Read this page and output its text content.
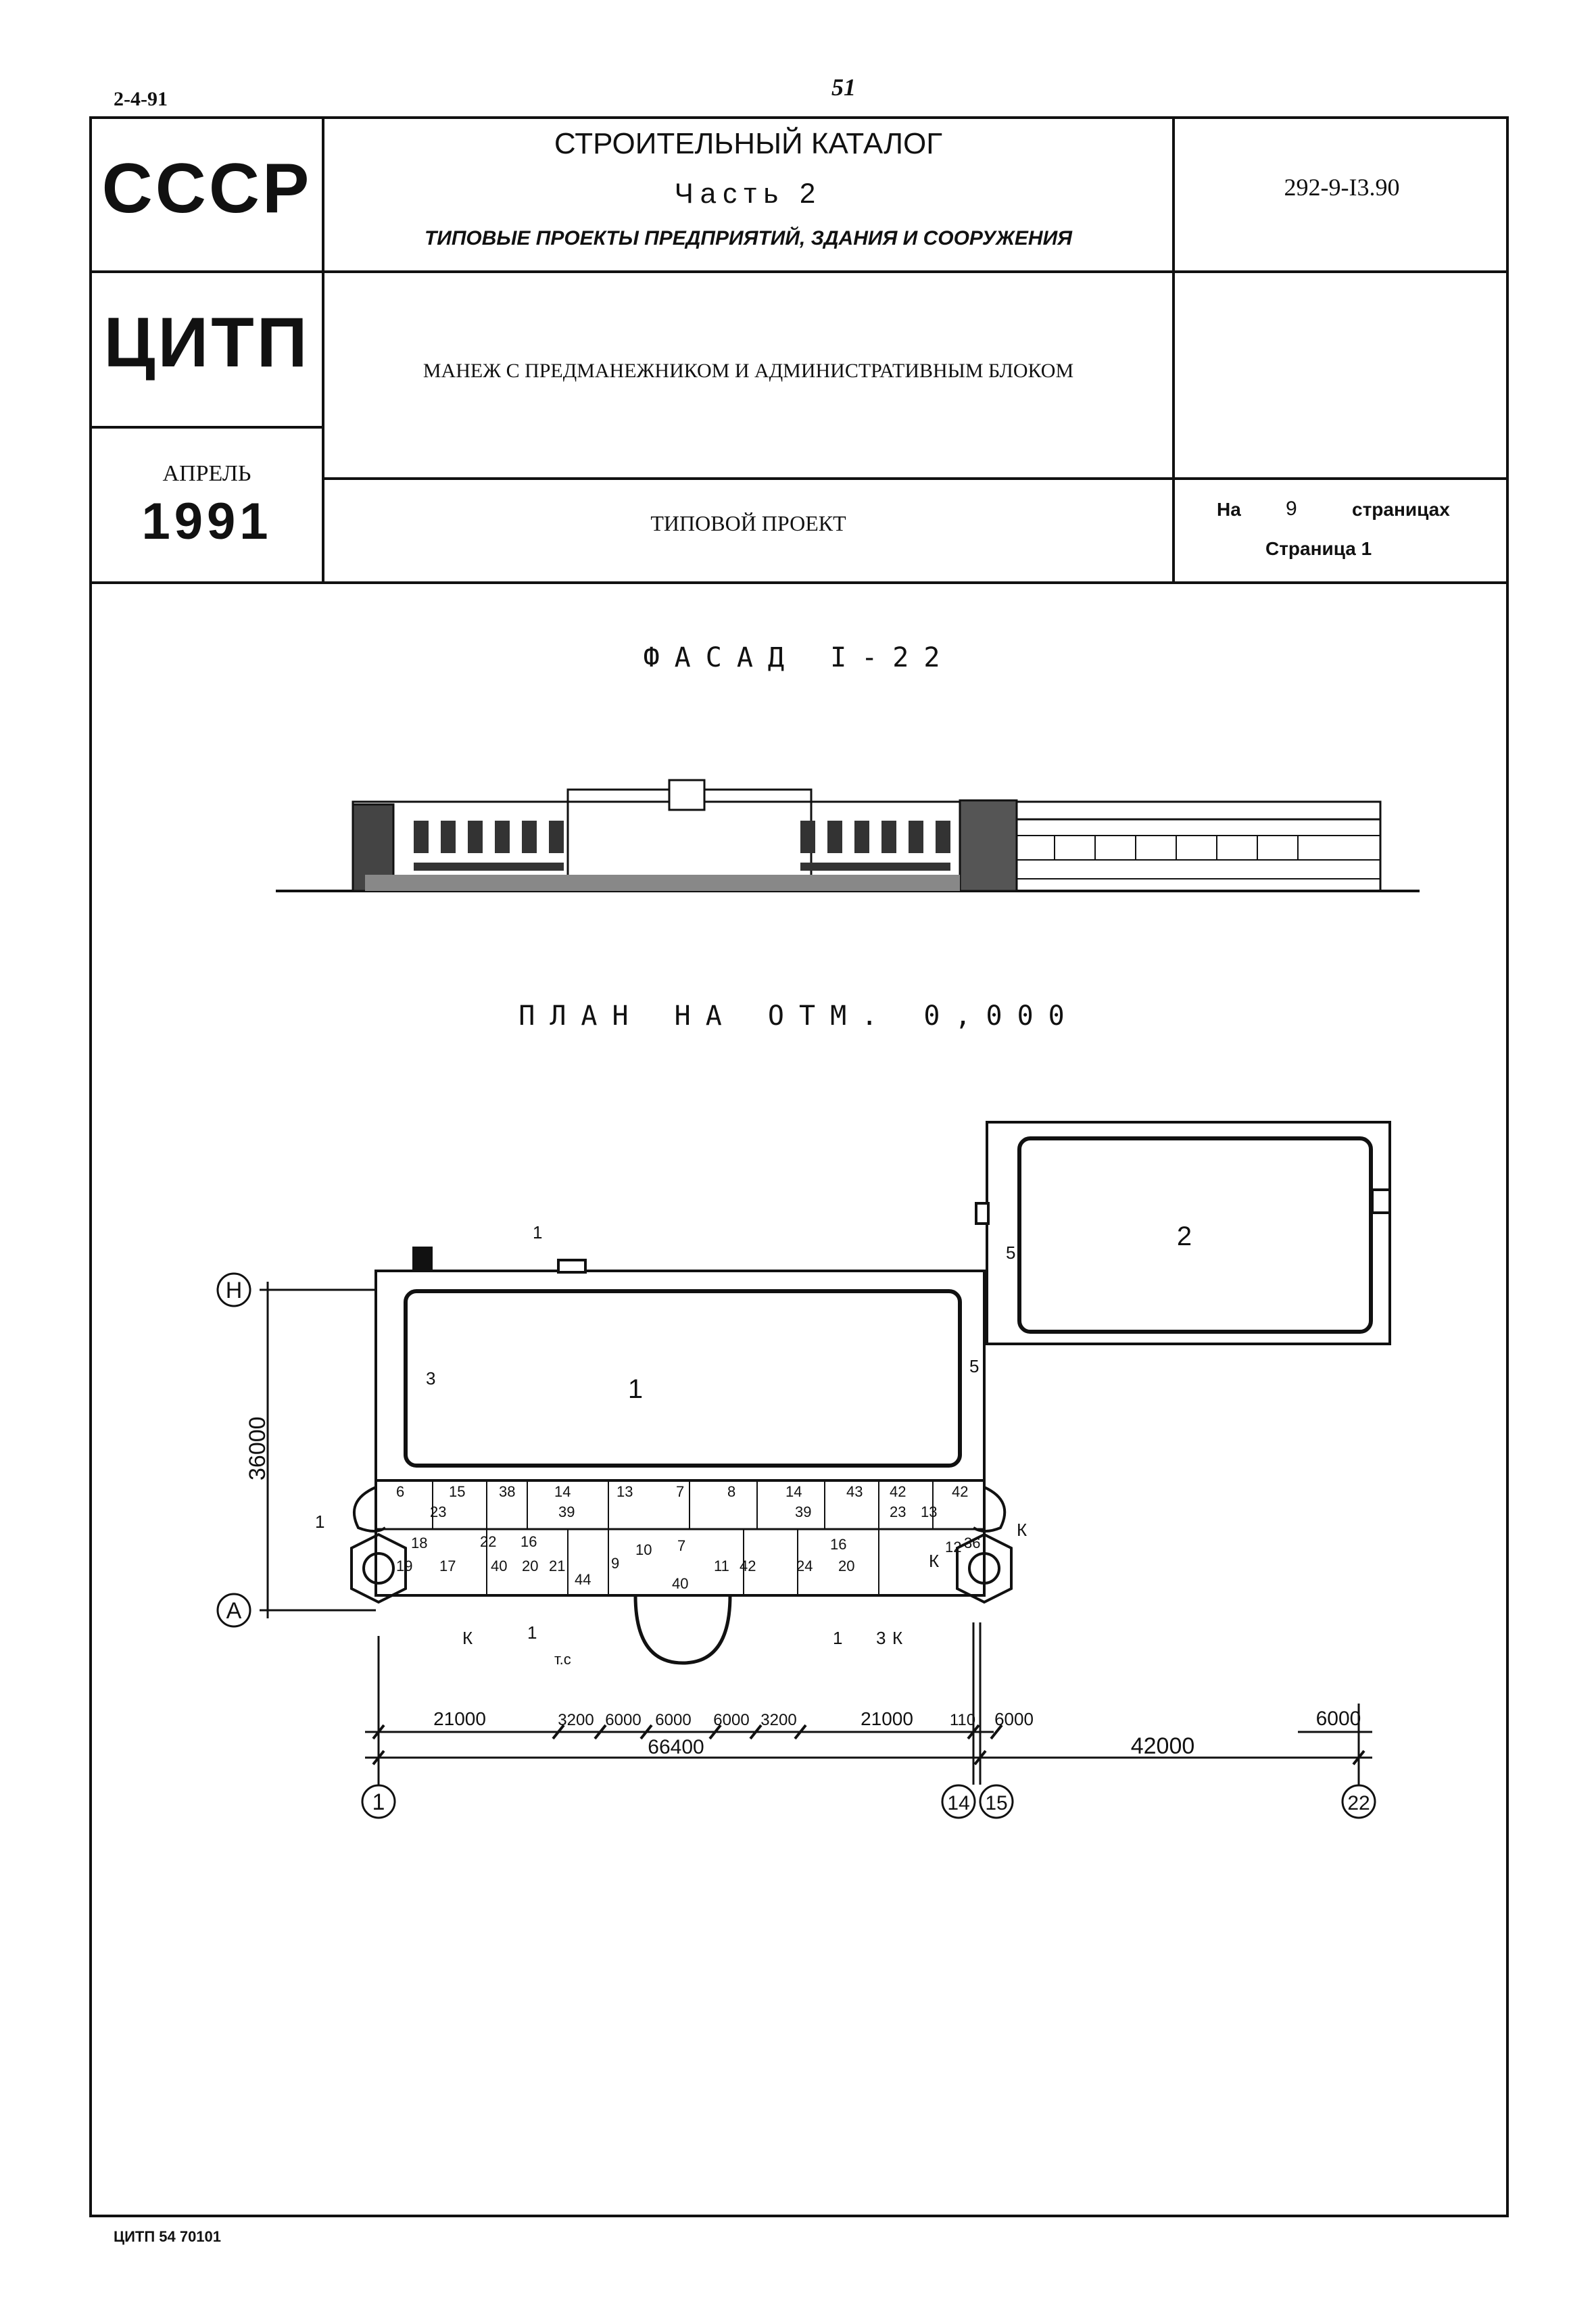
2-4-91	51
СССР
ЦИТП
АПРЕЛЬ
1991
СТРОИТЕЛЬНЫЙ КАТАЛОГ
Часть 2
ТИПОВЫЕ ПРОЕКТЫ ПРЕДПРИЯТИЙ, ЗДАНИЯ И СООРУЖЕНИЯ
МАНЕЖ С ПРЕДМАНЕЖНИКОМ И АДМИНИСТРАТИВНЫМ БЛОКОМ
ТИПОВОЙ ПРОЕКТ
292-9-I3.90
На 9	страницах
Страница 1
ФАСАД I-22
ПЛАН НА ОТМ. 0,000
Н
А
1	14 15	22
36000
21000	3200 6000 6000 6000 3200	21000 110 6000
66400	42000
6000
1
2
3
5
5
6	15 38	14	13	7	8	14	43 42	42
23	39	39
22 16
17 40 20 21	9
10 7
11 42
16
20
24
36
19
18
44	40
12
23 13
1
1
К	1
т.с
1
3 К
К
К
ЦИТП 54 70101
